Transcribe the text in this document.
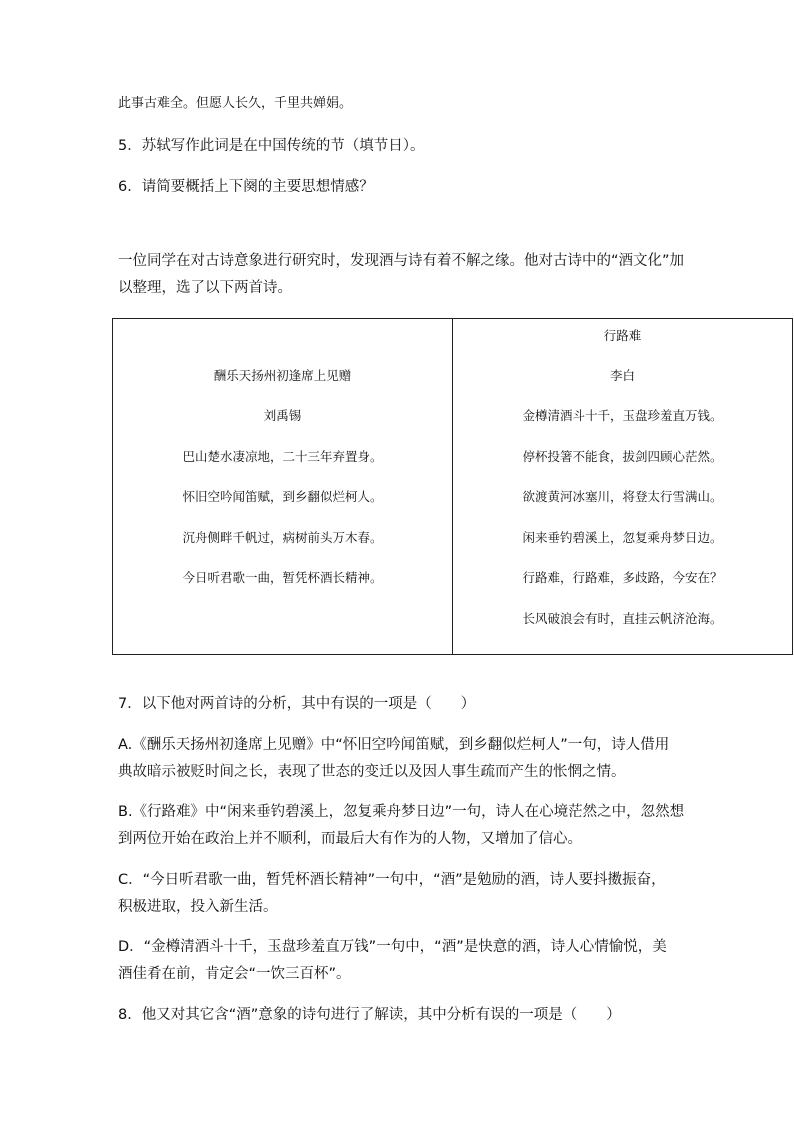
此事古难全。但愿人长久，千里共婵娟。
5．苏轼写作此词是在中国传统的节（填节日）。
6．请简要概括上下阕的主要思想情感？
一位同学在对古诗意象进行研究时，发现酒与诗有着不解之缘。他对古诗中的“酒文化”加
以整理，选了以下两首诗。
酬乐天扬州初逢席上见赠
刘禹锡
巴山楚水凄凉地，二十三年弃置身。
怀旧空吟闻笛赋，到乡翻似烂柯人。
沉舟侧畔千帆过，病树前头万木春。
今日听君歌一曲，暂凭杯酒长精神。

行路难
李白
金樽清酒斗十千，玉盘珍羞直万钱。
停杯投箸不能食，拔剑四顾心茫然。
欲渡黄河冰塞川，将登太行雪满山。
闲来垂钓碧溪上，忽复乘舟梦日边。
行路难，行路难，多歧路，今安在？
长风破浪会有时，直挂云帆济沧海。
7．以下他对两首诗的分析，其中有误的一项是（　　）
A.《酬乐天扬州初逢席上见赠》中“怀旧空吟闻笛赋，到乡翻似烂柯人”一句，诗人借用
典故暗示被贬时间之长，表现了世态的变迁以及因人事生疏而产生的怅惘之情。
B.《行路难》中“闲来垂钓碧溪上，忽复乘舟梦日边”一句，诗人在心境茫然之中，忽然想
到两位开始在政治上并不顺利，而最后大有作为的人物，又增加了信心。
C．“今日听君歌一曲，暂凭杯酒长精神”一句中，“酒”是勉励的酒，诗人要抖擞振奋，
积极进取，投入新生活。
D．“金樽清酒斗十千，玉盘珍羞直万钱”一句中，“酒”是快意的酒，诗人心情愉悦，美
酒佳肴在前，肯定会“一饮三百杯”。
8．他又对其它含“酒”意象的诗句进行了解读，其中分析有误的一项是（　　）
